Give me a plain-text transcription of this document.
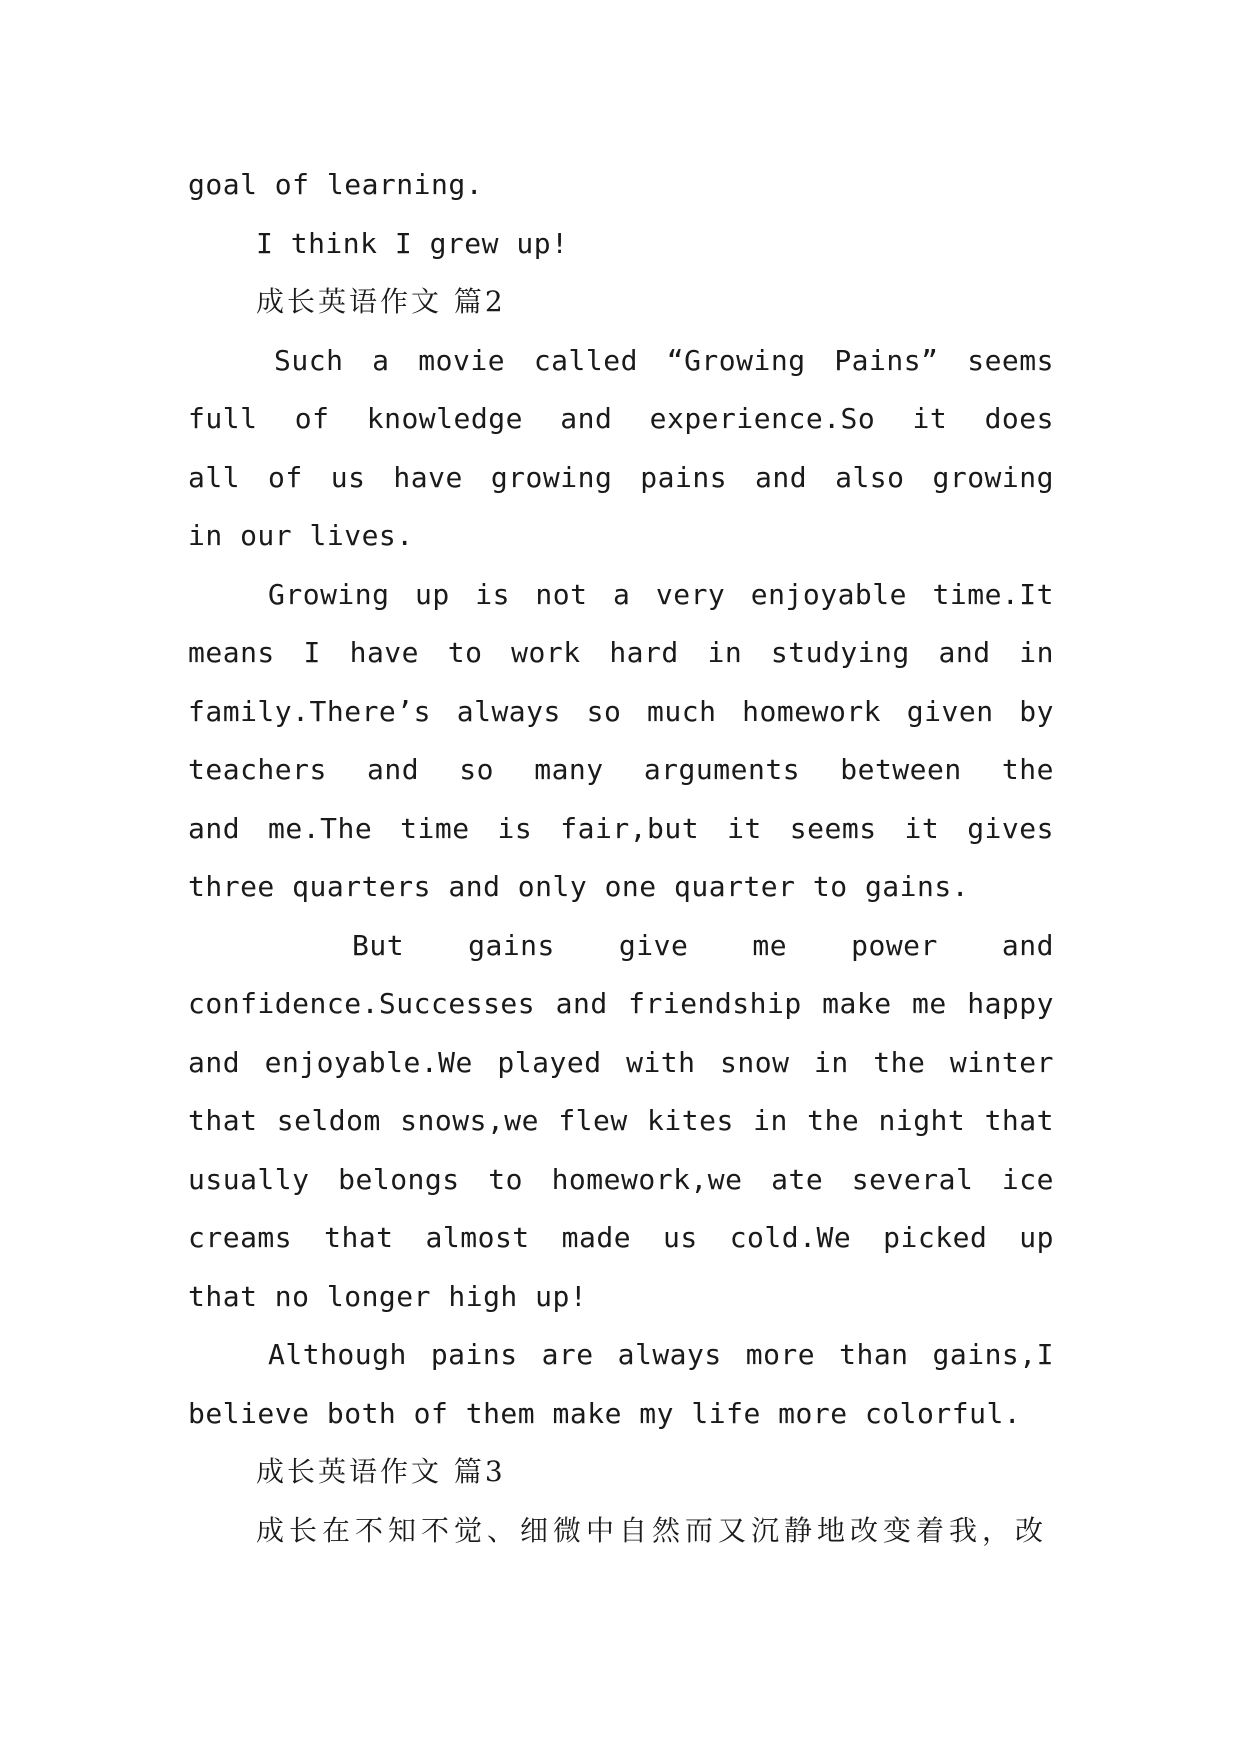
goal of learning.
I think I grew up!
成长英语作文 篇2
Such a movie called “Growing Pains” seems
full of knowledge and experience.So it does
all of us have growing pains and also growing
in our lives.
Growing up is not a very enjoyable time.It
means I have to work hard in studying and in
family.There’s always so much homework given by
teachers and so many arguments between the
and me.The time is fair,but it seems it gives
three quarters and only one quarter to gains.
But gains give me power and
confidence.Successes and friendship make me happy
and enjoyable.We played with snow in the winter
that seldom snows,we flew kites in the night that
usually belongs to homework,we ate several ice
creams that almost made us cold.We picked up
that no longer high up!
Although pains are always more than gains,I
believe both of them make my life more colorful.
成长英语作文 篇3
成长在不知不觉、细微中自然而又沉静地改变着我，改
